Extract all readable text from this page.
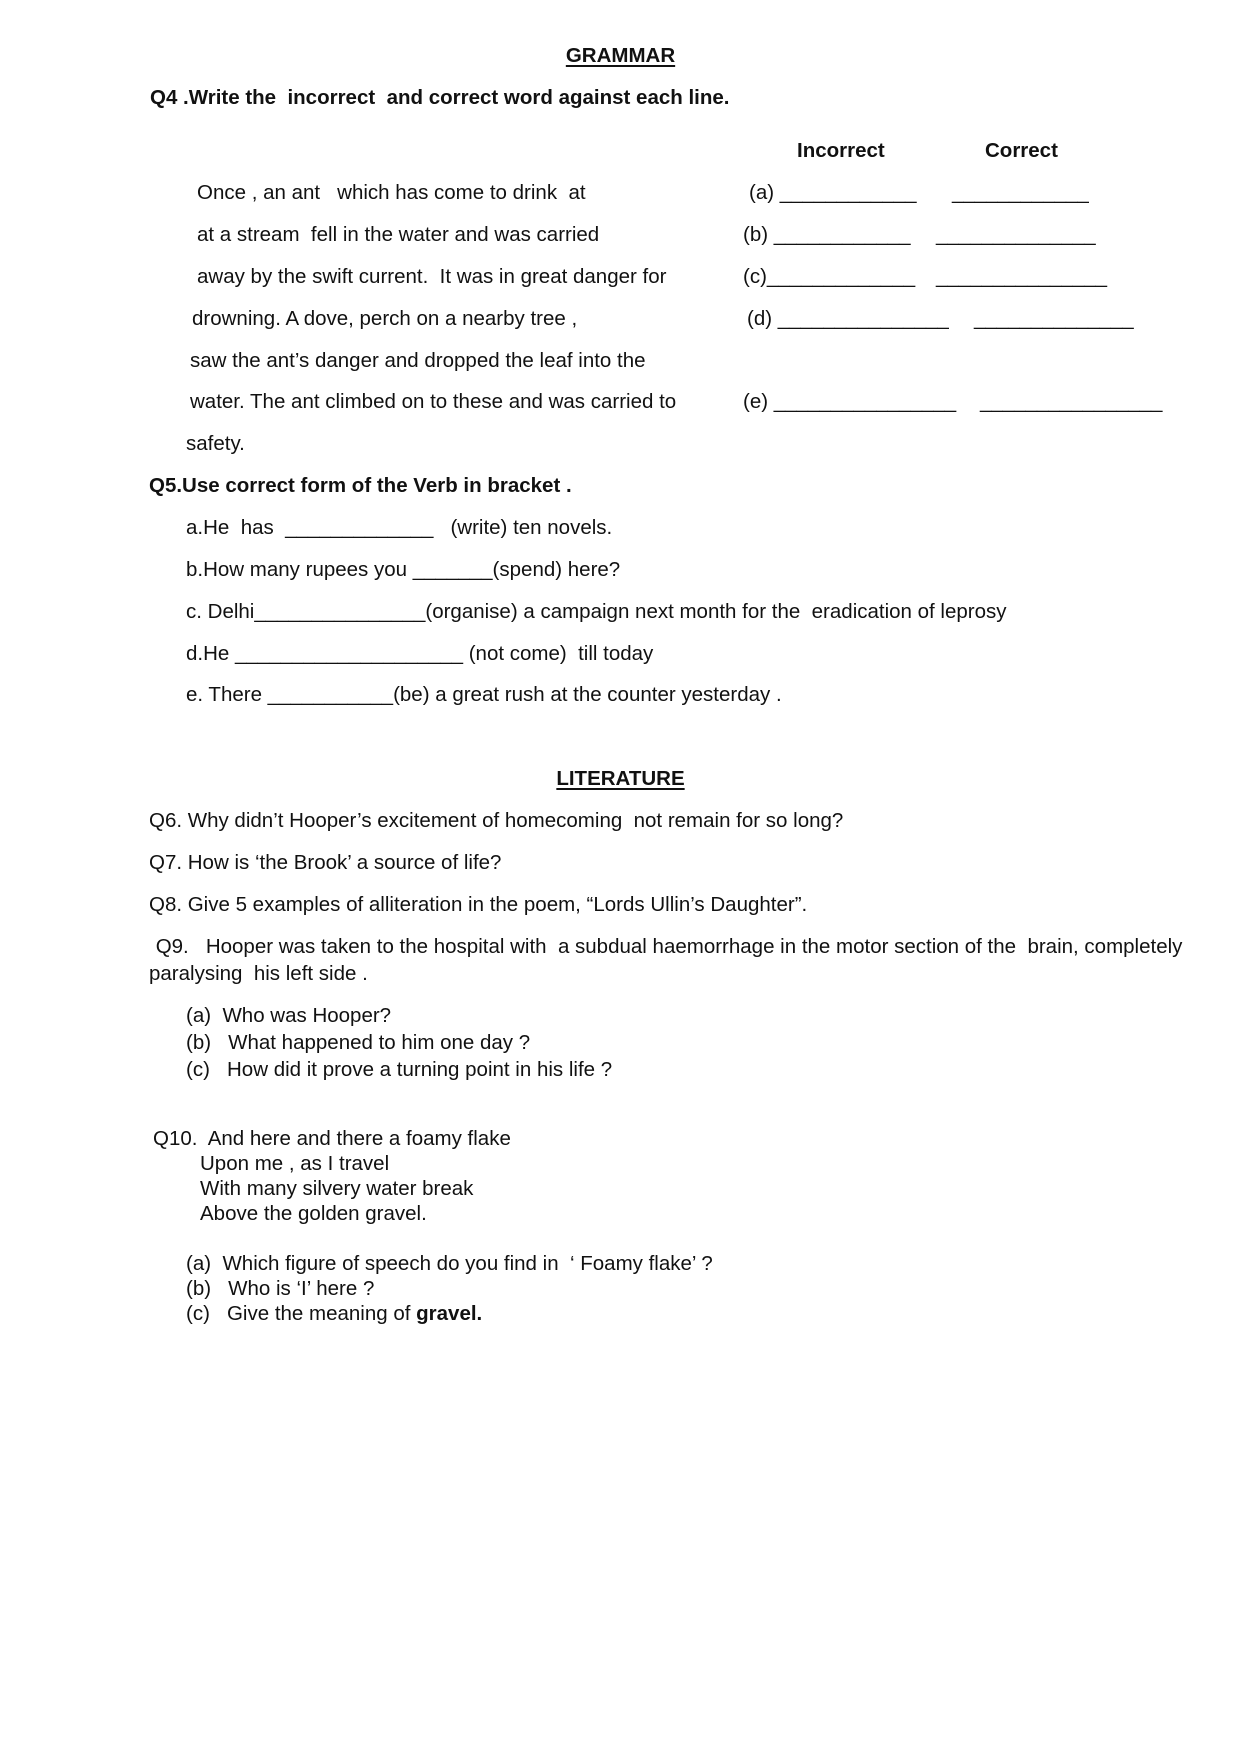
GRAMMAR
Q4 .Write the  incorrect  and correct word against each line.
Incorrect	Correct
Once , an ant   which has come to drink  at
at a stream  fell in the water and was carried
away by the swift current.  It was in great danger for
drowning. A dove, perch on a nearby tree ,
saw the ant’s danger and dropped the leaf into the
water. The ant climbed on to these and was carried to
safety.
(a) ____________ ____________
(b) ____________ ______________
(c)_____________ _______________
(d) _______________ ______________
(e) ________________ ________________
Q5.Use correct form of the Verb in bracket .
a.He  has  _____________   (write) ten novels.
b.How many rupees you _______(spend) here?
c. Delhi_______________(organise) a campaign next month for the  eradication of leprosy
d.He ____________________ (not come)  till today
e. There ___________(be) a great rush at the counter yesterday .
LITERATURE
Q6. Why didn’t Hooper’s excitement of homecoming  not remain for so long?
Q7. How is ‘the Brook’ a source of life?
Q8. Give 5 examples of alliteration in the poem, “Lords Ullin’s Daughter”.
Q9.   Hooper was taken to the hospital with  a subdual haemorrhage in the motor section of the  brain, completely
paralysing  his left side .
(a)  Who was Hooper?
(b)   What happened to him one day ?
(c)   How did it prove a turning point in his life ?
Q10.  And here and there a foamy flake
Upon me , as I travel
With many silvery water break
Above the golden gravel.
(a)  Which figure of speech do you find in  ‘ Foamy flake’ ?
(b)   Who is ‘I’ here ?
(c)   Give the meaning of gravel.
